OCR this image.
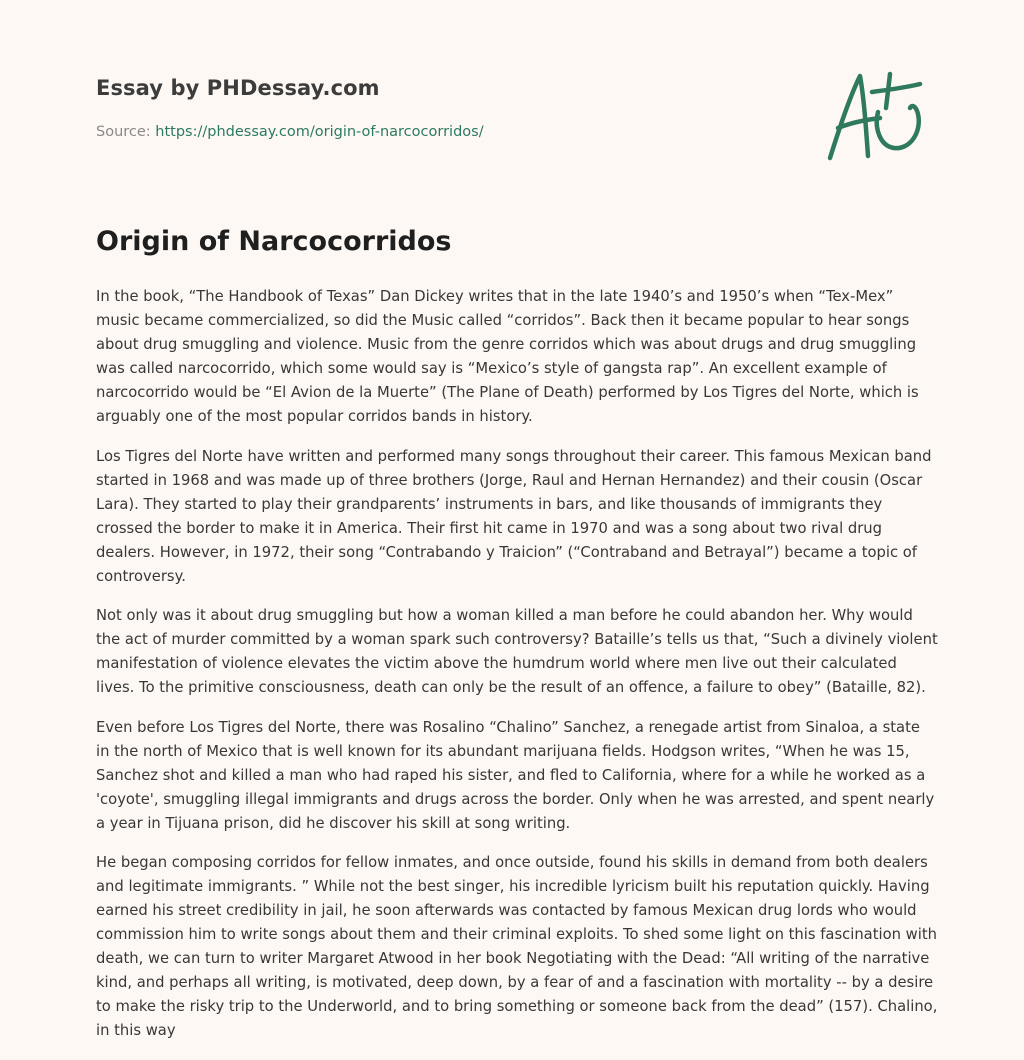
Essay by PHDessay.com
Source: https://phdessay.com/origin-of-narcocorridos/
Origin of Narcocorridos

In the book, “The Handbook of Texas” Dan Dickey writes that in the late 1940’s and 1950’s when “Tex-Mex” music became commercialized, so did the Music called “corridos”. Back then it became popular to hear songs about drug smuggling and violence. Music from the genre corridos which was about drugs and drug smuggling was called narcocorrido, which some would say is “Mexico’s style of gangsta rap”. An excellent example of narcocorrido would be “El Avion de la Muerte” (The Plane of Death) performed by Los Tigres del Norte, which is arguably one of the most popular corridos bands in history.

Los Tigres del Norte have written and performed many songs throughout their career. This famous Mexican band started in 1968 and was made up of three brothers (Jorge, Raul and Hernan Hernandez) and their cousin (Oscar Lara). They started to play their grandparents’ instruments in bars, and like thousands of immigrants they crossed the border to make it in America. Their first hit came in 1970 and was a song about two rival drug dealers. However, in 1972, their song “Contrabando y Traicion” (“Contraband and Betrayal”) became a topic of controversy.

Not only was it about drug smuggling but how a woman killed a man before he could abandon her. Why would the act of murder committed by a woman spark such controversy? Bataille’s tells us that, “Such a divinely violent manifestation of violence elevates the victim above the humdrum world where men live out their calculated lives. To the primitive consciousness, death can only be the result of an offence, a failure to obey” (Bataille, 82).

Even before Los Tigres del Norte, there was Rosalino “Chalino” Sanchez, a renegade artist from Sinaloa, a state in the north of Mexico that is well known for its abundant marijuana fields. Hodgson writes, “When he was 15, Sanchez shot and killed a man who had raped his sister, and fled to California, where for a while he worked as a 'coyote', smuggling illegal immigrants and drugs across the border. Only when he was arrested, and spent nearly a year in Tijuana prison, did he discover his skill at song writing.

He began composing corridos for fellow inmates, and once outside, found his skills in demand from both dealers and legitimate immigrants. ” While not the best singer, his incredible lyricism built his reputation quickly. Having earned his street credibility in jail, he soon afterwards was contacted by famous Mexican drug lords who would commission him to write songs about them and their criminal exploits. To shed some light on this fascination with death, we can turn to writer Margaret Atwood in her book Negotiating with the Dead: “All writing of the narrative kind, and perhaps all writing, is motivated, deep down, by a fear of and a fascination with mortality -- by a desire to make the risky trip to the Underworld, and to bring something or someone back from the dead” (157). Chalino, in this way
